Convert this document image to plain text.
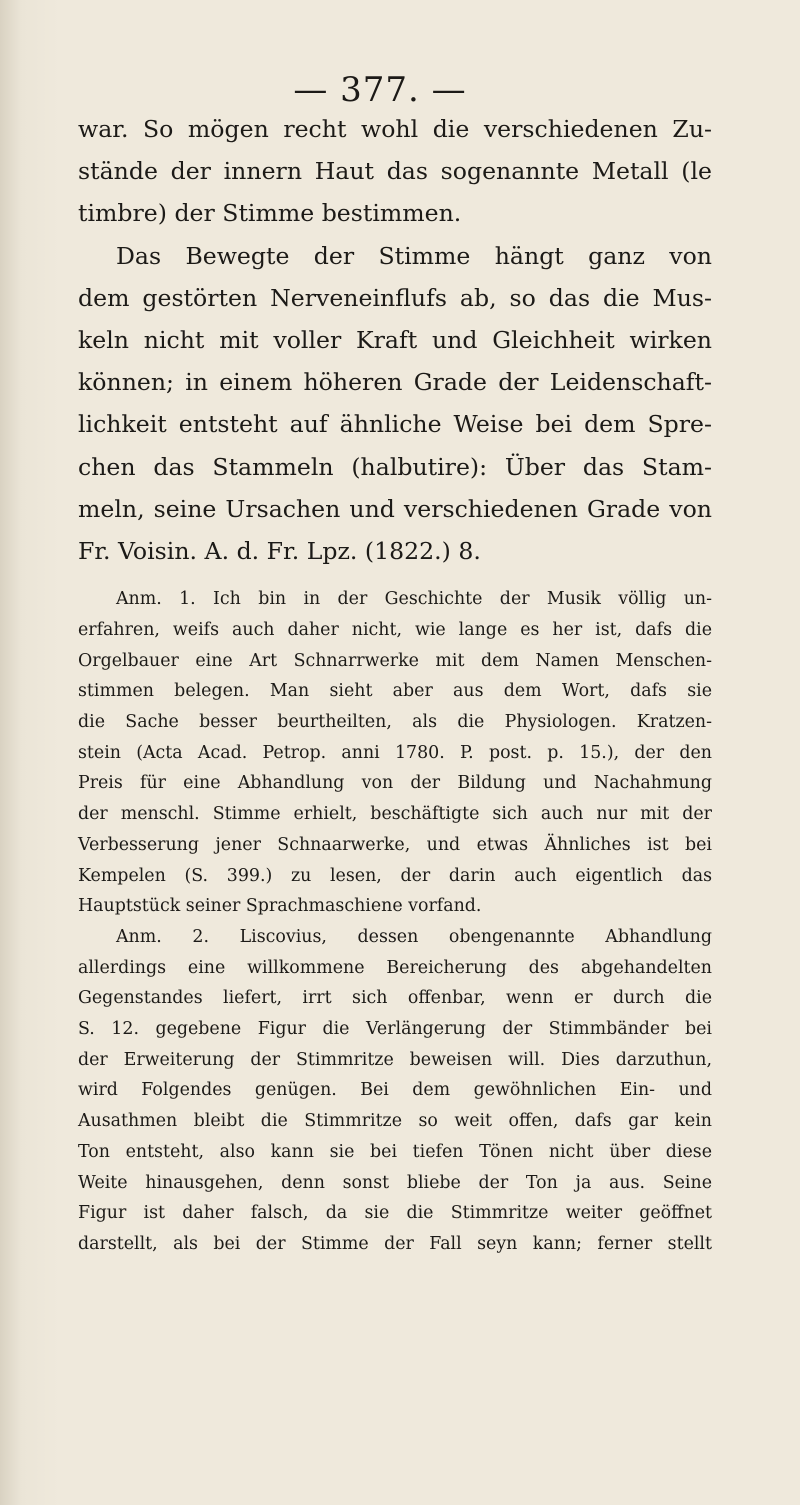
— 377. —

war. So mögen recht wohl die verschiedenen Zu-

stände der innern Haut das sogenannte Metall (le

timbre) der Stimme bestimmen.

Das Bewegte der Stimme hängt ganz von

dem gestörten Nerveneinflufs ab, so das die Mus-

keln nicht mit voller Kraft und Gleichheit wirken

können; in einem höheren Grade der Leidenschaft-

lichkeit entsteht auf ähnliche Weise bei dem Spre-

chen das Stammeln (halbutire): Über das Stam-

meln, seine Ursachen und verschiedenen Grade von

Fr. Voisin. A. d. Fr. Lpz. (1822.) 8.

Anm. 1. Ich bin in der Geschichte der Musik völlig un-

erfahren, weifs auch daher nicht, wie lange es her ist, dafs die

Orgelbauer eine Art Schnarrwerke mit dem Namen Menschen-

stimmen belegen. Man sieht aber aus dem Wort, dafs sie

die Sache besser beurtheilten, als die Physiologen. Kratzen-

stein (Acta Acad. Petrop. anni 1780. P. post. p. 15.), der den

Preis für eine Abhandlung von der Bildung und Nachahmung

der menschl. Stimme erhielt, beschäftigte sich auch nur mit der

Verbesserung jener Schnaarwerke, und etwas Ähnliches ist bei

Kempelen (S. 399.) zu lesen, der darin auch eigentlich das

Hauptstück seiner Sprachmaschiene vorfand.

Anm. 2. Liscovius, dessen obengenannte Abhandlung

allerdings eine willkommene Bereicherung des abgehandelten

Gegenstandes liefert, irrt sich offenbar, wenn er durch die

S. 12. gegebene Figur die Verlängerung der Stimmbänder bei

der Erweiterung der Stimmritze beweisen will. Dies darzuthun,

wird Folgendes genügen. Bei dem gewöhnlichen Ein- und

Ausathmen bleibt die Stimmritze so weit offen, dafs gar kein

Ton entsteht, also kann sie bei tiefen Tönen nicht über diese

Weite hinausgehen, denn sonst bliebe der Ton ja aus. Seine

Figur ist daher falsch, da sie die Stimmritze weiter geöffnet

darstellt, als bei der Stimme der Fall seyn kann; ferner stellt
